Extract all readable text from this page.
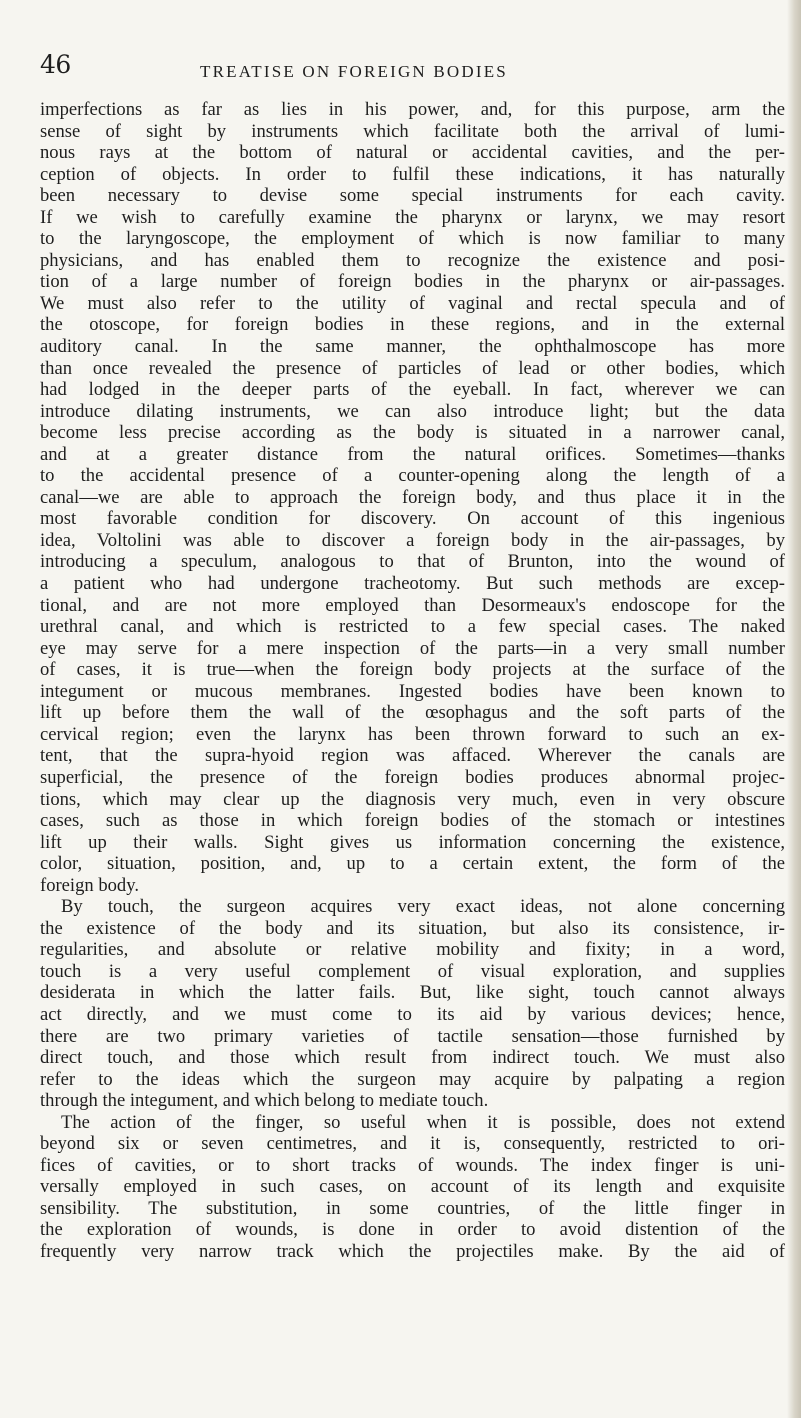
46	TREATISE ON FOREIGN BODIES
imperfections as far as lies in his power, and, for this purpose, arm the
sense of sight by instruments which facilitate both the arrival of lumi-
nous rays at the bottom of natural or accidental cavities, and the per-
ception of objects. In order to fulfil these indications, it has naturally
been necessary to devise some special instruments for each cavity.
If we wish to carefully examine the pharynx or larynx, we may resort
to the laryngoscope, the employment of which is now familiar to many
physicians, and has enabled them to recognize the existence and posi-
tion of a large number of foreign bodies in the pharynx or air-passages.
We must also refer to the utility of vaginal and rectal specula and of
the otoscope, for foreign bodies in these regions, and in the external
auditory canal. In the same manner, the ophthalmoscope has more
than once revealed the presence of particles of lead or other bodies, which
had lodged in the deeper parts of the eyeball. In fact, wherever we can
introduce dilating instruments, we can also introduce light; but the data
become less precise according as the body is situated in a narrower canal,
and at a greater distance from the natural orifices. Sometimes—thanks
to the accidental presence of a counter-opening along the length of a
canal—we are able to approach the foreign body, and thus place it in the
most favorable condition for discovery. On account of this ingenious
idea, Voltolini was able to discover a foreign body in the air-passages, by
introducing a speculum, analogous to that of Brunton, into the wound of
a patient who had undergone tracheotomy. But such methods are excep-
tional, and are not more employed than Desormeaux's endoscope for the
urethral canal, and which is restricted to a few special cases. The naked
eye may serve for a mere inspection of the parts—in a very small number
of cases, it is true—when the foreign body projects at the surface of the
integument or mucous membranes. Ingested bodies have been known to
lift up before them the wall of the œsophagus and the soft parts of the
cervical region; even the larynx has been thrown forward to such an ex-
tent, that the supra-hyoid region was affaced. Wherever the canals are
superficial, the presence of the foreign bodies produces abnormal projec-
tions, which may clear up the diagnosis very much, even in very obscure
cases, such as those in which foreign bodies of the stomach or intestines
lift up their walls. Sight gives us information concerning the existence,
color, situation, position, and, up to a certain extent, the form of the
foreign body.
By touch, the surgeon acquires very exact ideas, not alone concerning
the existence of the body and its situation, but also its consistence, ir-
regularities, and absolute or relative mobility and fixity; in a word,
touch is a very useful complement of visual exploration, and supplies
desiderata in which the latter fails. But, like sight, touch cannot always
act directly, and we must come to its aid by various devices; hence,
there are two primary varieties of tactile sensation—those furnished by
direct touch, and those which result from indirect touch. We must also
refer to the ideas which the surgeon may acquire by palpating a region
through the integument, and which belong to mediate touch.
The action of the finger, so useful when it is possible, does not extend
beyond six or seven centimetres, and it is, consequently, restricted to ori-
fices of cavities, or to short tracks of wounds. The index finger is uni-
versally employed in such cases, on account of its length and exquisite
sensibility. The substitution, in some countries, of the little finger in
the exploration of wounds, is done in order to avoid distention of the
frequently very narrow track which the projectiles make. By the aid of
